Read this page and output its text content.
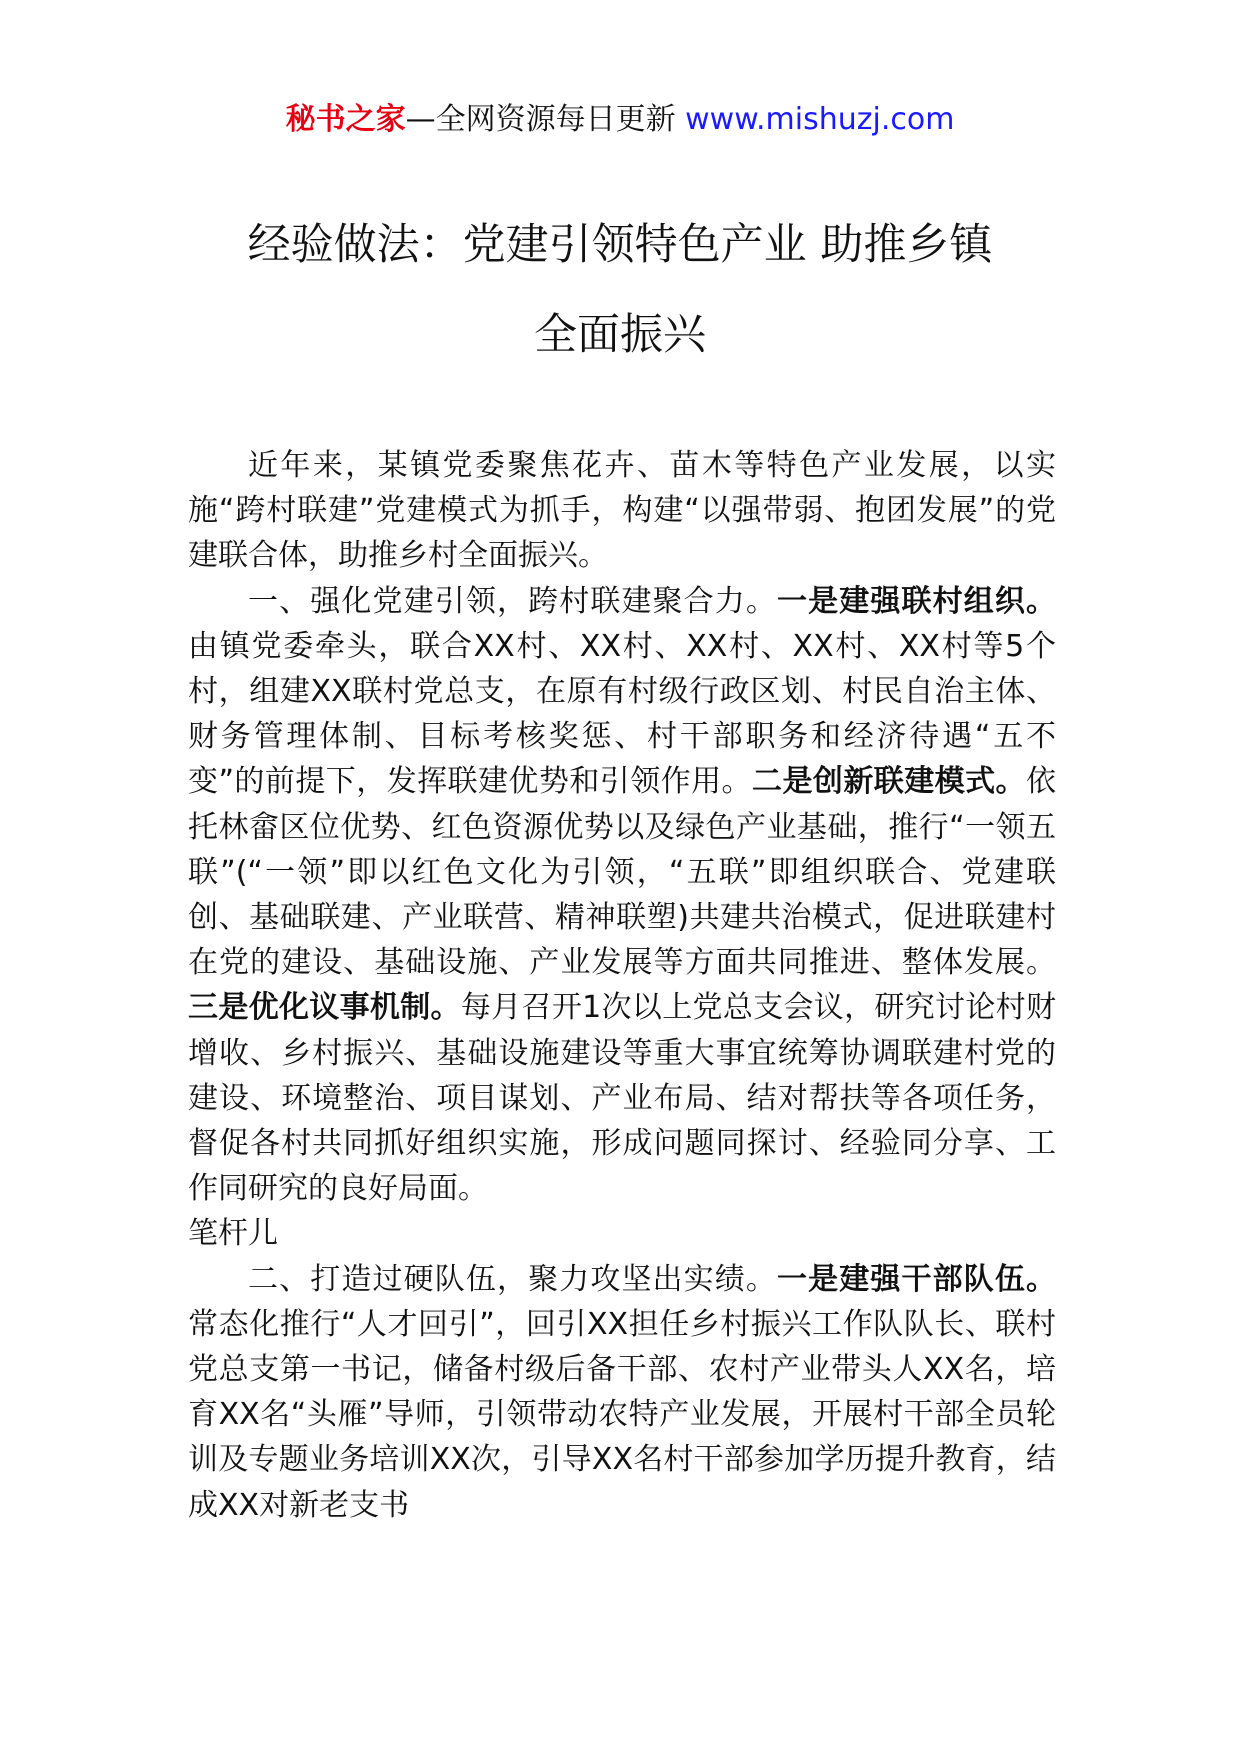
秘书之家—全网资源每日更新 www.mishuzj.com
经验做法：党建引领特色产业 助推乡镇
全面振兴

近年来，某镇党委聚焦花卉、苗木等特色产业发展，以实施“跨村联建”党建模式为抓手，构建“以强带弱、抱团发展”的党建联合体，助推乡村全面振兴。

一、强化党建引领，跨村联建聚合力。一是建强联村组织。由镇党委牵头，联合XX村、XX村、XX村、XX村、XX村等5个村，组建XX联村党总支，在原有村级行政区划、村民自治主体、财务管理体制、目标考核奖惩、村干部职务和经济待遇“五不变”的前提下，发挥联建优势和引领作用。二是创新联建模式。依托林畲区位优势、红色资源优势以及绿色产业基础，推行“一领五联”(“一领”即以红色文化为引领，“五联”即组织联合、党建联创、基础联建、产业联营、精神联塑)共建共治模式，促进联建村在党的建设、基础设施、产业发展等方面共同推进、整体发展。三是优化议事机制。每月召开1次以上党总支会议，研究讨论村财增收、乡村振兴、基础设施建设等重大事宜统筹协调联建村党的建设、环境整治、项目谋划、产业布局、结对帮扶等各项任务，督促各村共同抓好组织实施，形成问题同探讨、经验同分享、工作同研究的良好局面。

笔杆儿

二、打造过硬队伍，聚力攻坚出实绩。一是建强干部队伍。常态化推行“人才回引”，回引XX担任乡村振兴工作队队长、联村党总支第一书记，储备村级后备干部、农村产业带头人XX名，培育XX名“头雁”导师，引领带动农特产业发展，开展村干部全员轮训及专题业务培训XX次，引导XX名村干部参加学历提升教育，结成XX对新老支书
